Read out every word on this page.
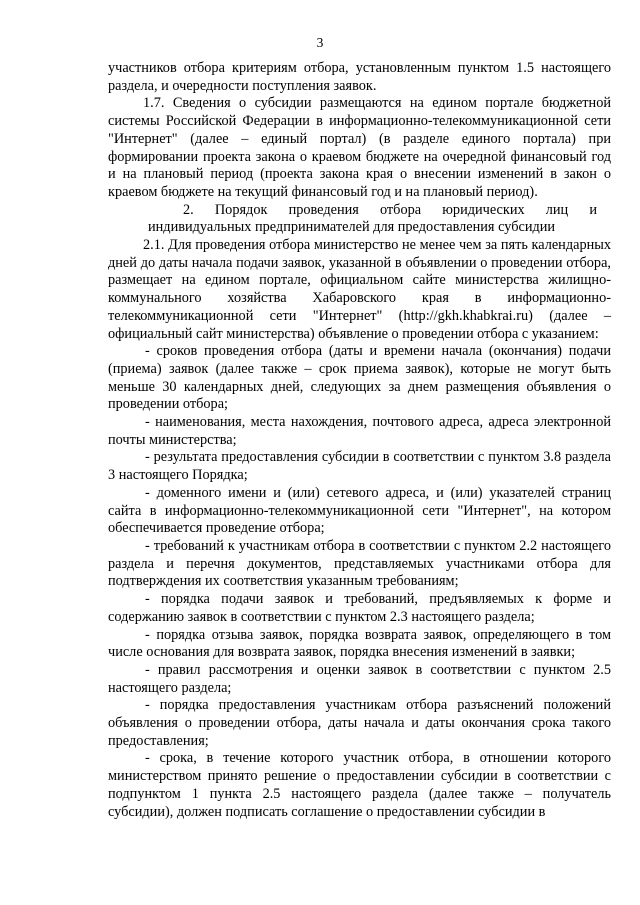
3

участников отбора критериям отбора, установленным пунктом 1.5 настоящего раздела, и очередности поступления заявок.

1.7. Сведения о субсидии размещаются на едином портале бюджетной системы Российской Федерации в информационно-телекоммуникационной сети "Интернет" (далее – единый портал) (в разделе единого портала) при формировании проекта закона о краевом бюджете на очередной финансовый год и на плановый период (проекта закона края о внесении изменений в закон о краевом бюджете на текущий финансовый год и на плановый период).

2. Порядок проведения отбора юридических лиц и индивидуальных предпринимателей для предоставления субсидии

2.1. Для проведения отбора министерство не менее чем за пять календарных дней до даты начала подачи заявок, указанной в объявлении о проведении отбора, размещает на едином портале, официальном сайте министерства жилищно-коммунального хозяйства Хабаровского края в информационно-телекоммуникационной сети "Интернет" (http://gkh.khabkrai.ru) (далее – официальный сайт министерства) объявление о проведении отбора с указанием:

- сроков проведения отбора (даты и времени начала (окончания) подачи (приема) заявок (далее также – срок приема заявок), которые не могут быть меньше 30 календарных дней, следующих за днем размещения объявления о проведении отбора;

- наименования, места нахождения, почтового адреса, адреса электронной почты министерства;

- результата предоставления субсидии в соответствии с пунктом 3.8 раздела 3 настоящего Порядка;

- доменного имени и (или) сетевого адреса, и (или) указателей страниц сайта в информационно-телекоммуникационной сети "Интернет", на котором обеспечивается проведение отбора;

- требований к участникам отбора в соответствии с пунктом 2.2 настоящего раздела и перечня документов, представляемых участниками отбора для подтверждения их соответствия указанным требованиям;

- порядка подачи заявок и требований, предъявляемых к форме и содержанию заявок в соответствии с пунктом 2.3 настоящего раздела;

- порядка отзыва заявок, порядка возврата заявок, определяющего в том числе основания для возврата заявок, порядка внесения изменений в заявки;

- правил рассмотрения и оценки заявок в соответствии с пунктом 2.5 настоящего раздела;

- порядка предоставления участникам отбора разъяснений положений объявления о проведении отбора, даты начала и даты окончания срока такого предоставления;

- срока, в течение которого участник отбора, в отношении которого министерством принято решение о предоставлении субсидии в соответствии с подпунктом 1 пункта 2.5 настоящего раздела (далее также – получатель субсидии), должен подписать соглашение о предоставлении субсидии в
